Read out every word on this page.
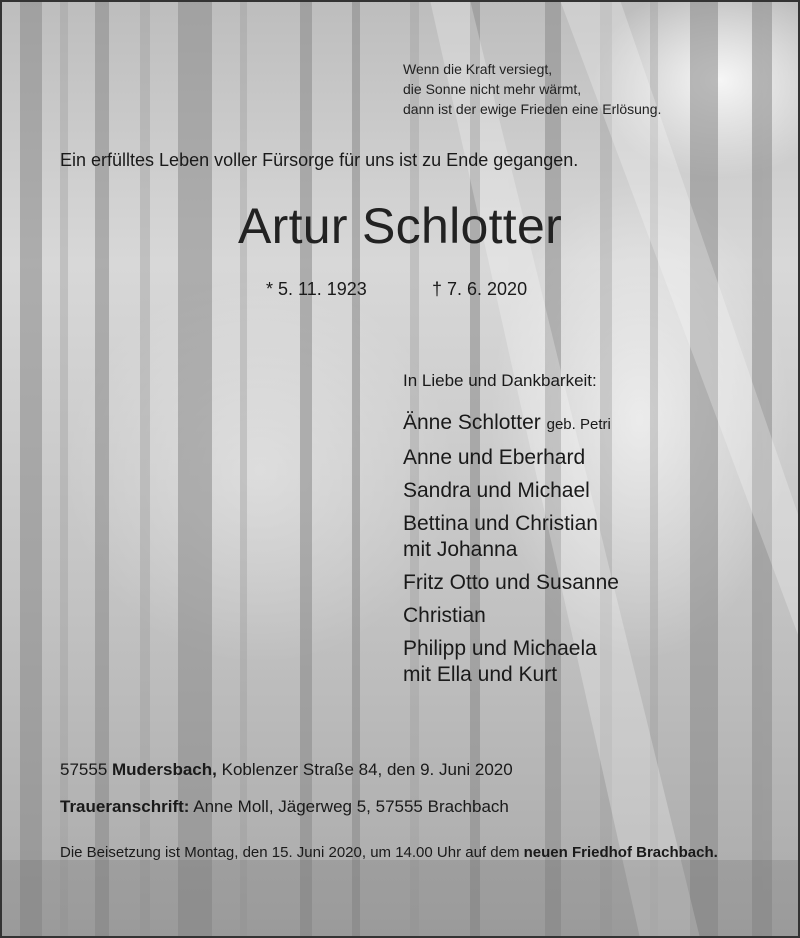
Wenn die Kraft versiegt,
die Sonne nicht mehr wärmt,
dann ist der ewige Frieden eine Erlösung.
Ein erfülltes Leben voller Fürsorge für uns ist zu Ende gegangen.
Artur Schlotter
* 5. 11. 1923	† 7. 6. 2020
In Liebe und Dankbarkeit:
Änne Schlotter geb. Petri
Anne und Eberhard
Sandra und Michael
Bettina und Christian
mit Johanna
Fritz Otto und Susanne
Christian
Philipp und Michaela
mit Ella und Kurt
57555 Mudersbach, Koblenzer Straße 84, den 9. Juni 2020
Traueranschrift: Anne Moll, Jägerweg 5, 57555 Brachbach
Die Beisetzung ist Montag, den 15. Juni 2020, um 14.00 Uhr auf dem neuen Friedhof Brachbach.
